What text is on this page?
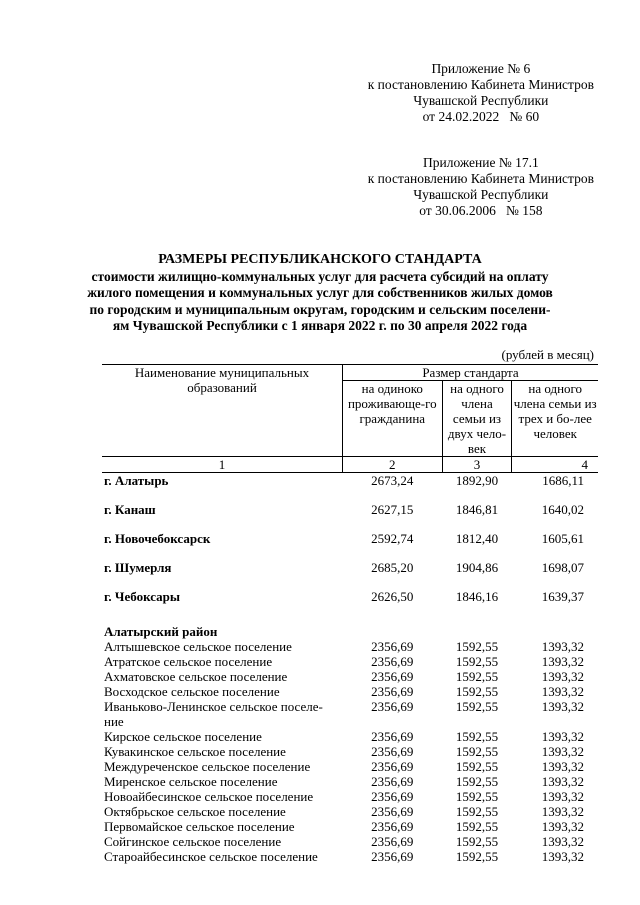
Приложение № 6
к постановлению Кабинета Министров
Чувашской Республики
от 24.02.2022   № 60
Приложение № 17.1
к постановлению Кабинета Министров
Чувашской Республики
от 30.06.2006   № 158
РАЗМЕРЫ РЕСПУБЛИКАНСКОГО СТАНДАРТА
стоимости жилищно-коммунальных услуг для расчета субсидий на оплату
жилого помещения и коммунальных услуг для собственников жилых домов
по городским и муниципальным округам, городским и сельским поселени-
ям Чувашской Республики с 1 января 2022 г. по 30 апреля 2022 года
(рублей в месяц)
Наименование муниципальных образований	Размер стандарта		
	на одиноко проживающе-го гражданина	на одного члена семьи из двух чело-век	на одного члена семьи из трех и бо-лее человек
1	2	3	4
г. Алатырь	2673,24	1892,90	1686,11

г. Канаш	2627,15	1846,81	1640,02

г. Новочебоксарск	2592,74	1812,40	1605,61

г. Шумерля	2685,20	1904,86	1698,07

г. Чебоксары	2626,50	1846,16	1639,37

Алатырский район			
Алтышевское сельское поселение	2356,69	1592,55	1393,32
Атратское сельское поселение	2356,69	1592,55	1393,32
Ахматовское сельское поселение	2356,69	1592,55	1393,32
Восходское сельское поселение	2356,69	1592,55	1393,32
Иваньково-Ленинское сельское поселе-ние	2356,69	1592,55	1393,32
Кирское сельское поселение	2356,69	1592,55	1393,32
Кувакинское сельское поселение	2356,69	1592,55	1393,32
Междуреченское сельское поселение	2356,69	1592,55	1393,32
Миренское сельское поселение	2356,69	1592,55	1393,32
Новоайбесинское сельское поселение	2356,69	1592,55	1393,32
Октябрьское сельское поселение	2356,69	1592,55	1393,32
Первомайское сельское поселение	2356,69	1592,55	1393,32
Сойгинское сельское поселение	2356,69	1592,55	1393,32
Староайбесинское сельское поселение	2356,69	1592,55	1393,32
